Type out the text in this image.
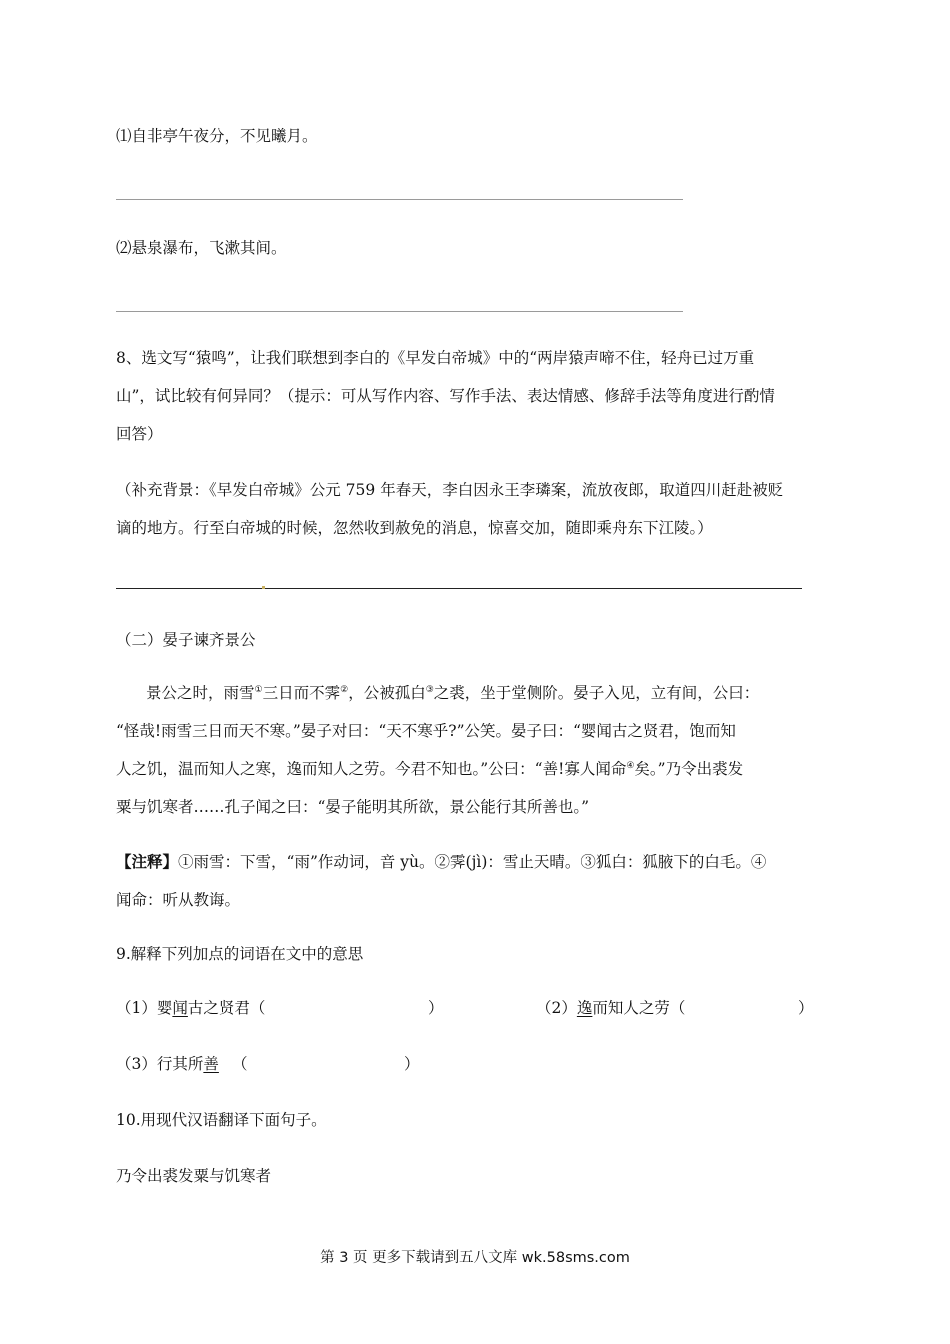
⑴自非亭午夜分，不见曦月。
⑵悬泉瀑布，飞漱其间。
8、选文写“猿鸣”，让我们联想到李白的《早发白帝城》中的“两岸猿声啼不住，轻舟已过万重
山”，试比较有何异同？（提示：可从写作内容、写作手法、表达情感、修辞手法等角度进行酌情
回答）
（补充背景：《早发白帝城》公元 759 年春天，李白因永王李璘案，流放夜郎，取道四川赶赴被贬
谪的地方。行至白帝城的时候，忽然收到赦免的消息，惊喜交加，随即乘舟东下江陵。）
（二）晏子谏齐景公
景公之时，雨雪①三日而不霁②，公被孤白③之裘，坐于堂侧阶。晏子入见，立有间，公曰：
“怪哉!雨雪三日而天不寒。”晏子对曰：“天不寒乎?”公笑。晏子曰：“婴闻古之贤君，饱而知
人之饥，温而知人之寒，逸而知人之劳。今君不知也。”公曰：“善!寡人闻命④矣。”乃令出裘发
粟与饥寒者……孔子闻之曰：“晏子能明其所欲，景公能行其所善也。”
【注释】①雨雪：下雪，“雨”作动词，音 yù。②霁(jì)：雪止天晴。③狐白：狐腋下的白毛。④
闻命：听从教诲。
9.解释下列加点的词语在文中的意思
（1）婴闻古之贤君（	）	（2）逸而知人之劳（	）
（3）行其所善 （	）
10.用现代汉语翻译下面句子。
乃令出裘发粟与饥寒者
第 3 页 更多下载请到五八文库 wk.58sms.com
